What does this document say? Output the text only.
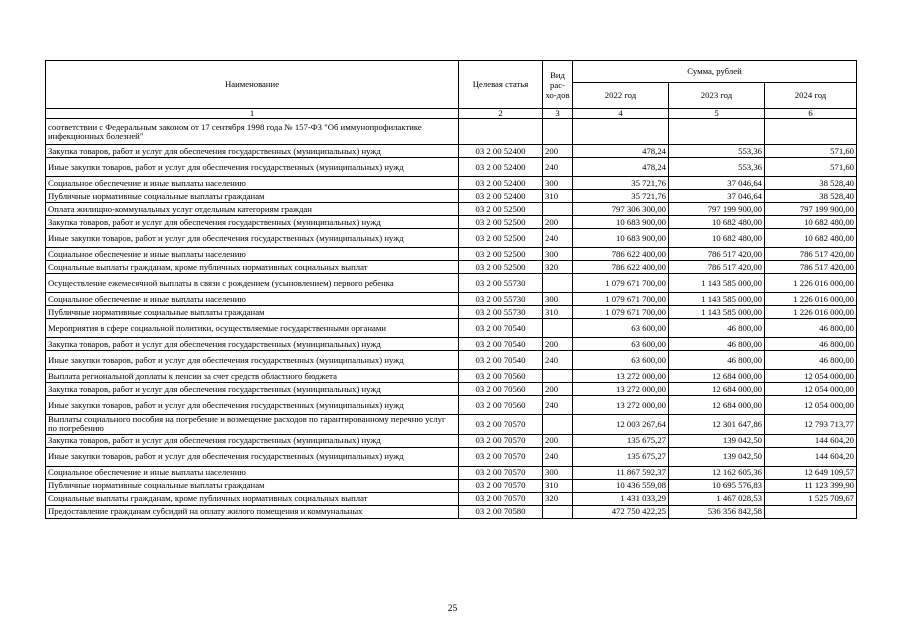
Наименование	Целевая статья	Вид рас-хо-дов	Сумма, рублей		
			2022 год	2023 год	2024 год
1	2	3	4	5	6
соответствии с Федеральным законом от 17 сентября 1998 года № 157-ФЗ "Об иммунопрофилактике инфекционных болезней"					
Закупка товаров, работ и услуг для обеспечения государственных (муниципальных) нужд	03 2 00 52400	200	478,24	553,36	571,60
Иные закупки товаров, работ и услуг для обеспечения государственных (муниципальных) нужд	03 2 00 52400	240	478,24	553,36	571,60
Социальное обеспечение и иные выплаты населению	03 2 00 52400	300	35 721,76	37 046,64	38 528,40
Публичные нормативные социальные выплаты гражданам	03 2 00 52400	310	35 721,76	37 046,64	38 528,40
Оплата жилищно-коммунальных услуг отдельным категориям граждан	03 2 00 52500		797 306 300,00	797 199 900,00	797 199 900,00
Закупка товаров, работ и услуг для обеспечения государственных (муниципальных) нужд	03 2 00 52500	200	10 683 900,00	10 682 480,00	10 682 480,00
Иные закупки товаров, работ и услуг для обеспечения государственных (муниципальных) нужд	03 2 00 52500	240	10 683 900,00	10 682 480,00	10 682 480,00
Социальное обеспечение и иные выплаты населению	03 2 00 52500	300	786 622 400,00	786 517 420,00	786 517 420,00
Социальные выплаты гражданам, кроме публичных нормативных социальных выплат	03 2 00 52500	320	786 622 400,00	786 517 420,00	786 517 420,00
Осуществление ежемесячной выплаты в связи с рождением (усыновлением) первого ребенка	03 2 00 55730		1 079 671 700,00	1 143 585 000,00	1 226 016 000,00
Социальное обеспечение и иные выплаты населению	03 2 00 55730	300	1 079 671 700,00	1 143 585 000,00	1 226 016 000,00
Публичные нормативные социальные выплаты гражданам	03 2 00 55730	310	1 079 671 700,00	1 143 585 000,00	1 226 016 000,00
Мероприятия в сфере социальной политики, осуществляемые государственными органами	03 2 00 70540		63 600,00	46 800,00	46 800,00
Закупка товаров, работ и услуг для обеспечения государственных (муниципальных) нужд	03 2 00 70540	200	63 600,00	46 800,00	46 800,00
Иные закупки товаров, работ и услуг для обеспечения государственных (муниципальных) нужд	03 2 00 70540	240	63 600,00	46 800,00	46 800,00
Выплата региональной доплаты к пенсии за счет средств областного бюджета	03 2 00 70560		13 272 000,00	12 684 000,00	12 054 000,00
Закупка товаров, работ и услуг для обеспечения государственных (муниципальных) нужд	03 2 00 70560	200	13 272 000,00	12 684 000,00	12 054 000,00
Иные закупки товаров, работ и услуг для обеспечения государственных (муниципальных) нужд	03 2 00 70560	240	13 272 000,00	12 684 000,00	12 054 000,00
Выплаты социального пособия на погребение и возмещение расходов по гарантированному перечню услуг по погребению	03 2 00 70570		12 003 267,64	12 301 647,86	12 793 713,77
Закупка товаров, работ и услуг для обеспечения государственных (муниципальных) нужд	03 2 00 70570	200	135 675,27	139 042,50	144 604,20
Иные закупки товаров, работ и услуг для обеспечения государственных (муниципальных) нужд	03 2 00 70570	240	135 675,27	139 042,50	144 604,20
Социальное обеспечение и иные выплаты населению	03 2 00 70570	300	11 867 592,37	12 162 605,36	12 649 109,57
Публичные нормативные социальные выплаты гражданам	03 2 00 70570	310	10 436 559,08	10 695 576,83	11 123 399,90
Социальные выплаты гражданам, кроме публичных нормативных социальных выплат	03 2 00 70570	320	1 431 033,29	1 467 028,53	1 525 709,67
Предоставление гражданам субсидий на оплату жилого помещения и коммунальных	03 2 00 70580		472 750 422,25	536 356 842,58	
25
